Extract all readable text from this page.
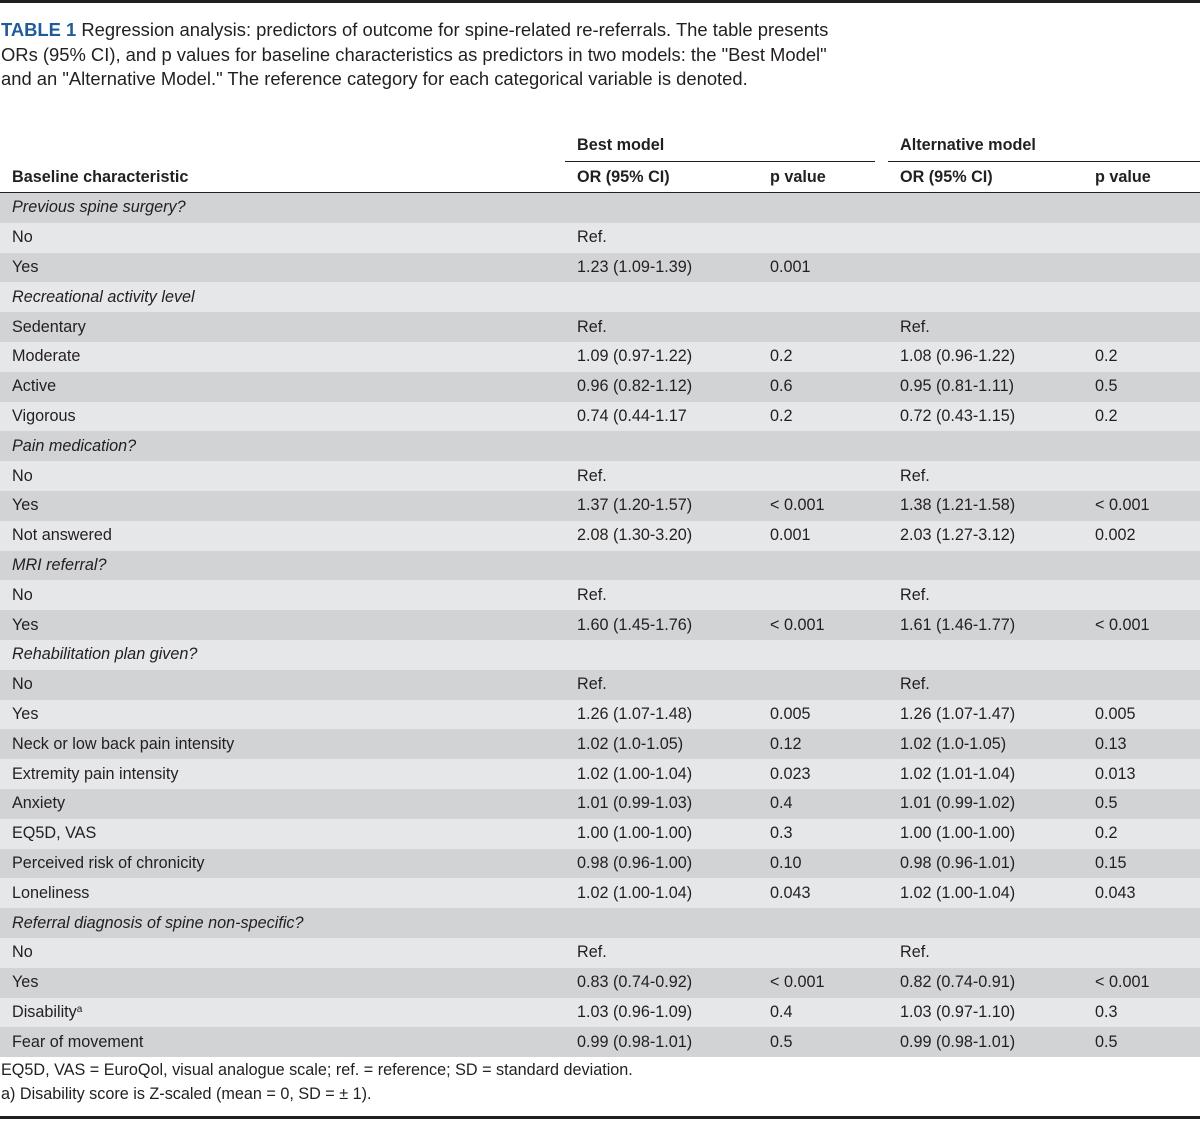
TABLE 1 Regression analysis: predictors of outcome for spine-related re-referrals. The table presents ORs (95% CI), and p values for baseline characteristics as predictors in two models: the "Best Model" and an "Alternative Model." The reference category for each categorical variable is denoted.

	Best model		Alternative model	

Baseline characteristic	OR (95% CI)	p value	OR (95% CI)	p value
Previous spine surgery?				
No	Ref.			
Yes	1.23 (1.09-1.39)	0.001		
Recreational activity level				
Sedentary	Ref.		Ref.	
Moderate	1.09 (0.97-1.22)	0.2	1.08 (0.96-1.22)	0.2
Active	0.96 (0.82-1.12)	0.6	0.95 (0.81-1.11)	0.5
Vigorous	0.74 (0.44-1.17	0.2	0.72 (0.43-1.15)	0.2
Pain medication?				
No	Ref.		Ref.	
Yes	1.37 (1.20-1.57)	< 0.001	1.38 (1.21-1.58)	< 0.001
Not answered	2.08 (1.30-3.20)	0.001	2.03 (1.27-3.12)	0.002
MRI referral?				
No	Ref.		Ref.	
Yes	1.60 (1.45-1.76)	< 0.001	1.61 (1.46-1.77)	< 0.001
Rehabilitation plan given?				
No	Ref.		Ref.	
Yes	1.26 (1.07-1.48)	0.005	1.26 (1.07-1.47)	0.005
Neck or low back pain intensity	1.02 (1.0-1.05)	0.12	1.02 (1.0-1.05)	0.13
Extremity pain intensity	1.02 (1.00-1.04)	0.023	1.02 (1.01-1.04)	0.013
Anxiety	1.01 (0.99-1.03)	0.4	1.01 (0.99-1.02)	0.5
EQ5D, VAS	1.00 (1.00-1.00)	0.3	1.00 (1.00-1.00)	0.2
Perceived risk of chronicity	0.98 (0.96-1.00)	0.10	0.98 (0.96-1.01)	0.15
Loneliness	1.02 (1.00-1.04)	0.043	1.02 (1.00-1.04)	0.043
Referral diagnosis of spine non-specific?				
No	Ref.		Ref.	
Yes	0.83 (0.74-0.92)	< 0.001	0.82 (0.74-0.91)	< 0.001
Disability$^a$	1.03 (0.96-1.09)	0.4	1.03 (0.97-1.10)	0.3
Fear of movement	0.99 (0.98-1.01)	0.5	0.99 (0.98-1.01)	0.5
EQ5D, VAS = EuroQol, visual analogue scale; ref. = reference; SD = standard deviation.
a) Disability score is Z-scaled (mean = 0, SD = ± 1).
